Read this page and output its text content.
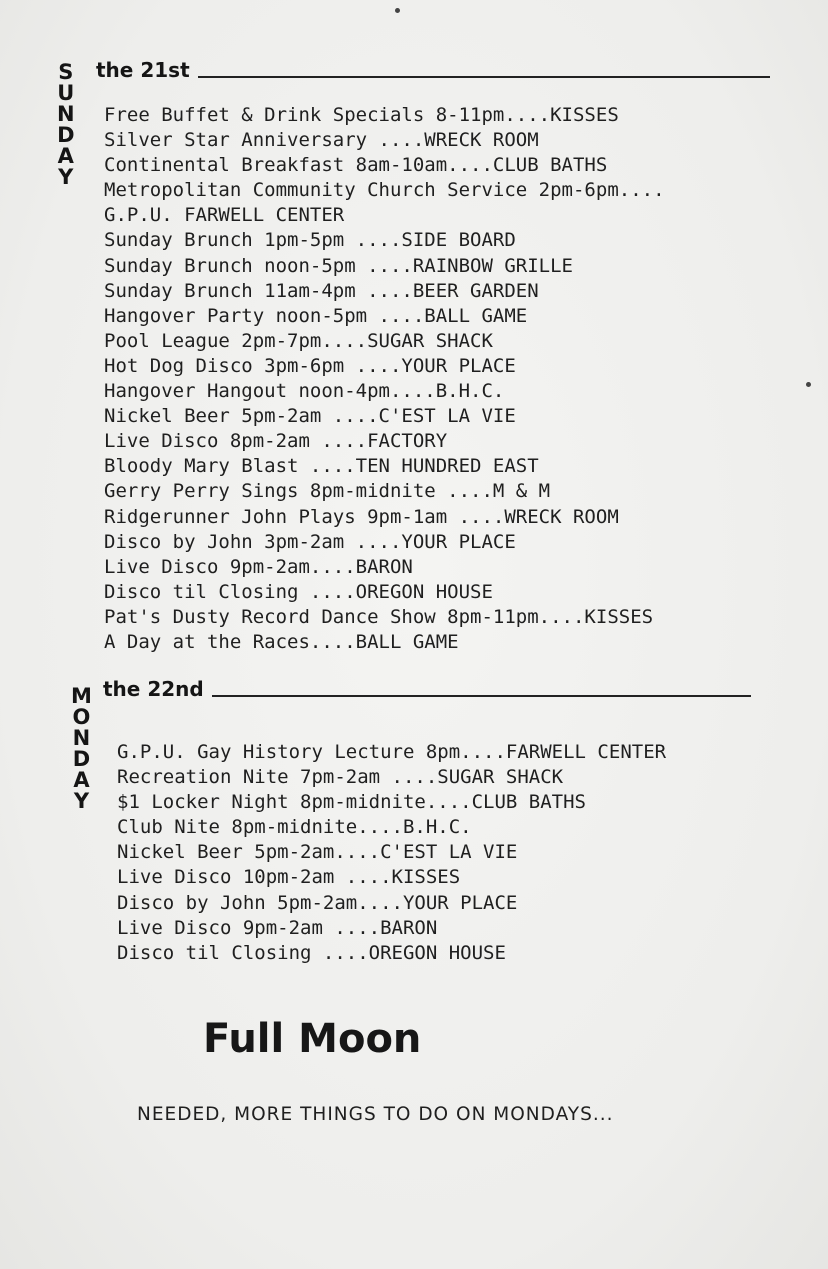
S
U
N
D
A
Y
the 21st
Free Buffet & Drink Specials 8-11pm....KISSES
Silver Star Anniversary ....WRECK ROOM
Continental Breakfast 8am-10am....CLUB BATHS
Metropolitan Community Church Service 2pm-6pm....
G.P.U. FARWELL CENTER
Sunday Brunch 1pm-5pm ....SIDE BOARD
Sunday Brunch noon-5pm ....RAINBOW GRILLE
Sunday Brunch 11am-4pm ....BEER GARDEN
Hangover Party noon-5pm ....BALL GAME
Pool League 2pm-7pm....SUGAR SHACK
Hot Dog Disco 3pm-6pm ....YOUR PLACE
Hangover Hangout noon-4pm....B.H.C.
Nickel Beer 5pm-2am ....C'EST LA VIE
Live Disco 8pm-2am ....FACTORY
Bloody Mary Blast ....TEN HUNDRED EAST
Gerry Perry Sings 8pm-midnite ....M & M
Ridgerunner John Plays 9pm-1am ....WRECK ROOM
Disco by John 3pm-2am ....YOUR PLACE
Live Disco 9pm-2am....BARON
Disco til Closing ....OREGON HOUSE
Pat's Dusty Record Dance Show 8pm-11pm....KISSES
A Day at the Races....BALL GAME
M
O
N
D
A
Y
the 22nd
G.P.U. Gay History Lecture 8pm....FARWELL CENTER
Recreation Nite 7pm-2am ....SUGAR SHACK
$1 Locker Night 8pm-midnite....CLUB BATHS
Club Nite 8pm-midnite....B.H.C.
Nickel Beer 5pm-2am....C'EST LA VIE
Live Disco 10pm-2am ....KISSES
Disco by John 5pm-2am....YOUR PLACE
Live Disco 9pm-2am ....BARON
Disco til Closing ....OREGON HOUSE
Full Moon
NEEDED, MORE THINGS TO DO ON MONDAYS...
